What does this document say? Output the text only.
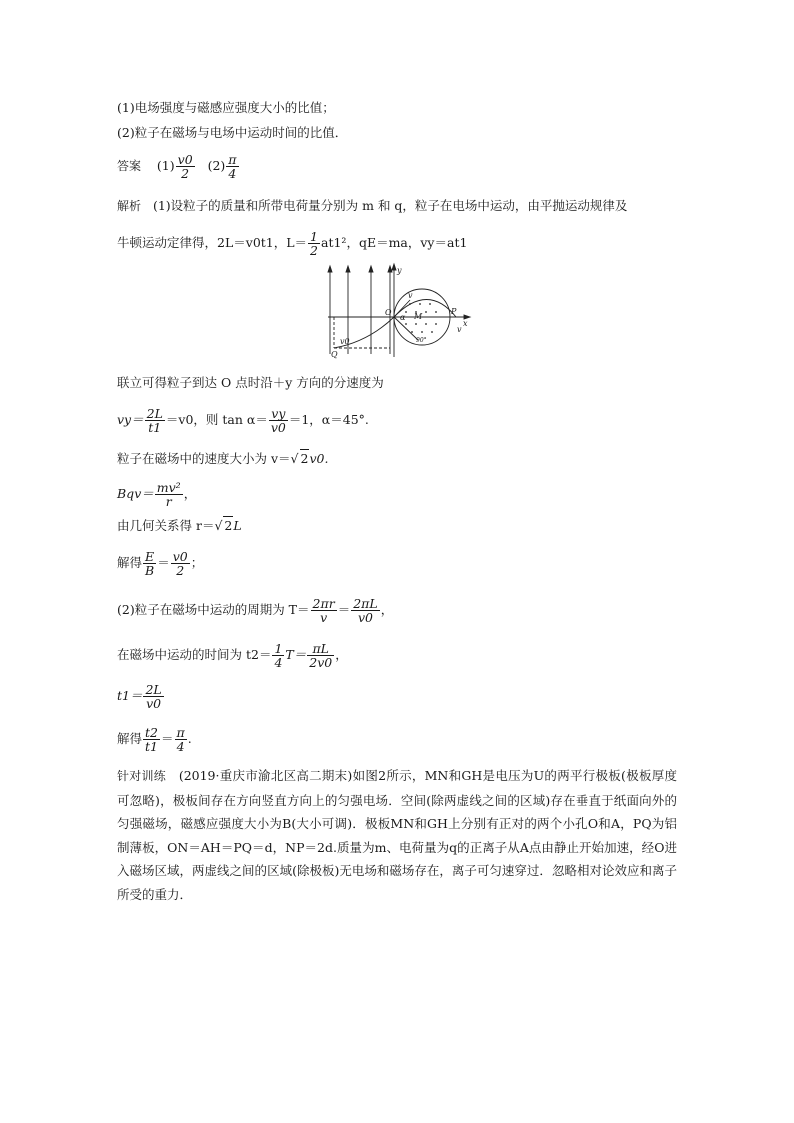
(1)电场强度与磁感应强度大小的比值；
(2)粒子在磁场与电场中运动时间的比值．
答案 $(1) \frac{v0}{2} (2) \frac{\pi}{4}$
解析 (1)设粒子的质量和所带电荷量分别为 m 和 q，粒子在电场中运动，由平抛运动规律及
牛顿运动定律得，2L＝v0t1，$L= \frac{1}{2} at1^2$，qE＝ma，vy＝at1
y
O
v
α M
P
x
v
Q
v0	90°
联立可得粒子到达 O 点时沿＋y 方向的分速度为
$vy= \frac{2L}{t1} =v0$，则 $\tan \alpha= \frac{vy}{v0} =1$，α＝45°.
粒子在磁场中的速度大小为 v＝√ 2v0.
$Bqv= \frac{\text{mv²}}{r}$ ，
由几何关系得 r＝√ 2L
解得 $\frac{E}{B} = \frac{v0}{2}$ ；
(2)粒子在磁场中运动的周期为 $T= \frac{2\pi r}{v} = \frac{2\pi L}{v0}$ ，
在磁场中运动的时间为 $t2= \frac{1}{4} T= \frac{\pi L}{2v0}$ ，
$t1= \frac{2L}{v0}$
解得 $\frac{t2}{t1} = \frac{\pi}{4}$ .
针对训练 (2019·重庆市渝北区高二期末)如图2所示，MN和GH是电压为U的两平行极板(极板厚度可忽略)，极板间存在方向竖直方向上的匀强电场．空间(除两虚线之间的区域)存在垂直于纸面向外的匀强磁场，磁感应强度大小为B(大小可调)．极板MN和GH上分别有正对的两个小孔O和A，PQ为铝制薄板，ON＝AH＝PQ＝d，NP＝2d.质量为m、电荷量为q的正离子从A点由静止开始加速，经O进入磁场区域，两虚线之间的区域(除极板)无电场和磁场存在，离子可匀速穿过．忽略相对论效应和离子所受的重力．
